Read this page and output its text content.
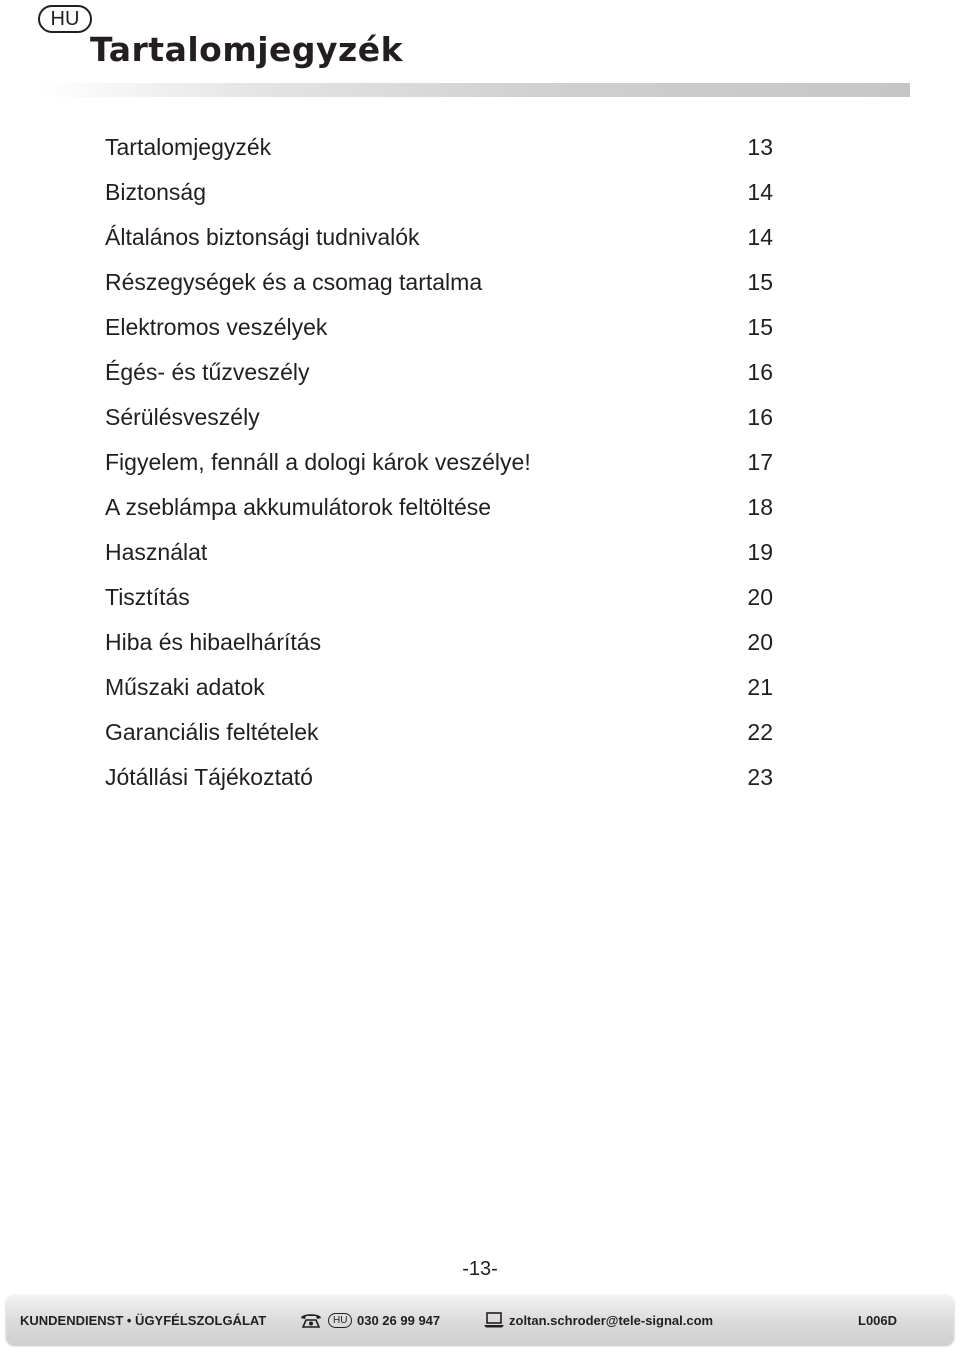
HU
Tartalomjegyzék
Tartalomjegyzék	13
Biztonság	14
Általános biztonsági tudnivalók	14
Részegységek és a csomag tartalma	15
Elektromos veszélyek	15
Égés- és tűzveszély	16
Sérülésveszély	16
Figyelem, fennáll a dologi károk veszélye!	17
A zseblámpa akkumulátorok feltöltése	18
Használat	19
Tisztítás	20
Hiba és hibaelhárítás	20
Műszaki adatok	21
Garanciális feltételek	22
Jótállási Tájékoztató	23
-13-
KUNDENDIENST • ÜGYFÉLSZOLGÁLAT	HU 030 26 99 947	zoltan.schroder@tele-signal.com	L006D
